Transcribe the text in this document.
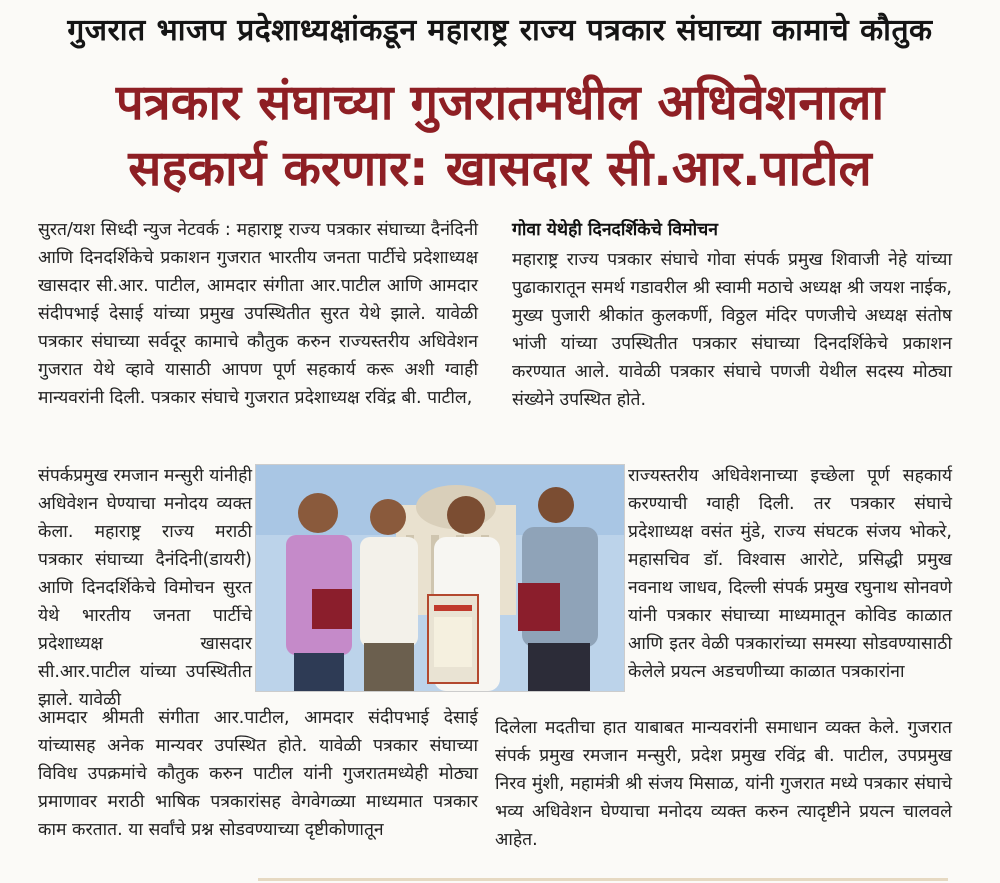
गुजरात भाजप प्रदेशाध्यक्षांकडून महाराष्ट्र राज्य पत्रकार संघाच्या कामाचे कौतुक
पत्रकार संघाच्या गुजरातमधील अधिवेशनाला
सहकार्य करणार: खासदार सी.आर.पाटील

सुरत/यश सिध्दी न्युज नेटवर्क : महाराष्ट्र राज्य पत्रकार संघाच्या दैनंदिनी आणि दिनदर्शिकेचे प्रकाशन गुजरात भारतीय जनता पार्टीचे प्रदेशाध्यक्ष खासदार सी.आर. पाटील, आमदार संगीता आर.पाटील आणि आमदार संदीपभाई देसाई यांच्या प्रमुख उपस्थितीत सुरत येथे झाले. यावेळी पत्रकार संघाच्या सर्वदूर कामाचे कौतुक करुन राज्यस्तरीय अधिवेशन गुजरात येथे व्हावे यासाठी आपण पूर्ण सहकार्य करू अशी ग्वाही मान्यवरांनी दिली. पत्रकार संघाचे गुजरात प्रदेशाध्यक्ष रविंद्र बी. पाटील,

संपर्कप्रमुख रमजान मन्सुरी यांनीही अधिवेशन घेण्याचा मनोदय व्यक्त केला. महाराष्ट्र राज्य मराठी पत्रकार संघाच्या दैनंदिनी(डायरी) आणि दिनदर्शिकेचे विमोचन सुरत येथे भारतीय जनता पार्टीचे प्रदेशाध्यक्ष खासदार सी.आर.पाटील यांच्या उपस्थितीत झाले. यावेळी

आमदार श्रीमती संगीता आर.पाटील, आमदार संदीपभाई देसाई यांच्यासह अनेक मान्यवर उपस्थित होते. यावेळी पत्रकार संघाच्या विविध उपक्रमांचे कौतुक करुन पाटील यांनी गुजरातमध्येही मोठ्या प्रमाणावर मराठी भाषिक पत्रकारांसह वेगवेगळ्या माध्यमात पत्रकार काम करतात. या सर्वांचे प्रश्न सोडवण्याच्या दृष्टीकोणातून

गोवा येथेही दिनदर्शिकेचे विमोचन

महाराष्ट्र राज्य पत्रकार संघाचे गोवा संपर्क प्रमुख शिवाजी नेहे यांच्या पुढाकारातून समर्थ गडावरील श्री स्वामी मठाचे अध्यक्ष श्री जयश नाईक, मुख्य पुजारी श्रीकांत कुलकर्णी, विठ्ठल मंदिर पणजीचे अध्यक्ष संतोष भांजी यांच्या उपस्थितीत पत्रकार संघाच्या दिनदर्शिकेचे प्रकाशन करण्यात आले. यावेळी पत्रकार संघाचे पणजी येथील सदस्य मोठ्या संख्येने उपस्थित होते.

राज्यस्तरीय अधिवेशनाच्या इच्छेला पूर्ण सहकार्य करण्याची ग्वाही दिली. तर पत्रकार संघाचे प्रदेशाध्यक्ष वसंत मुंडे, राज्य संघटक संजय भोकरे, महासचिव डॉ. विश्वास आरोटे, प्रसिद्धी प्रमुख नवनाथ जाधव, दिल्ली संपर्क प्रमुख रघुनाथ सोनवणे यांनी पत्रकार संघाच्या माध्यमातून कोविड काळात आणि इतर वेळी पत्रकारांच्या समस्या सोडवण्यासाठी केलेले प्रयत्न अडचणीच्या काळात पत्रकारांना

दिलेला मदतीचा हात याबाबत मान्यवरांनी समाधान व्यक्त केले. गुजरात संपर्क प्रमुख रमजान मन्सुरी, प्रदेश प्रमुख रविंद्र बी. पाटील, उपप्रमुख निरव मुंशी, महामंत्री श्री संजय मिसाळ, यांनी गुजरात मध्ये पत्रकार संघाचे भव्य अधिवेशन घेण्याचा मनोदय व्यक्त करुन त्यादृष्टीने प्रयत्न चालवले आहेत.
